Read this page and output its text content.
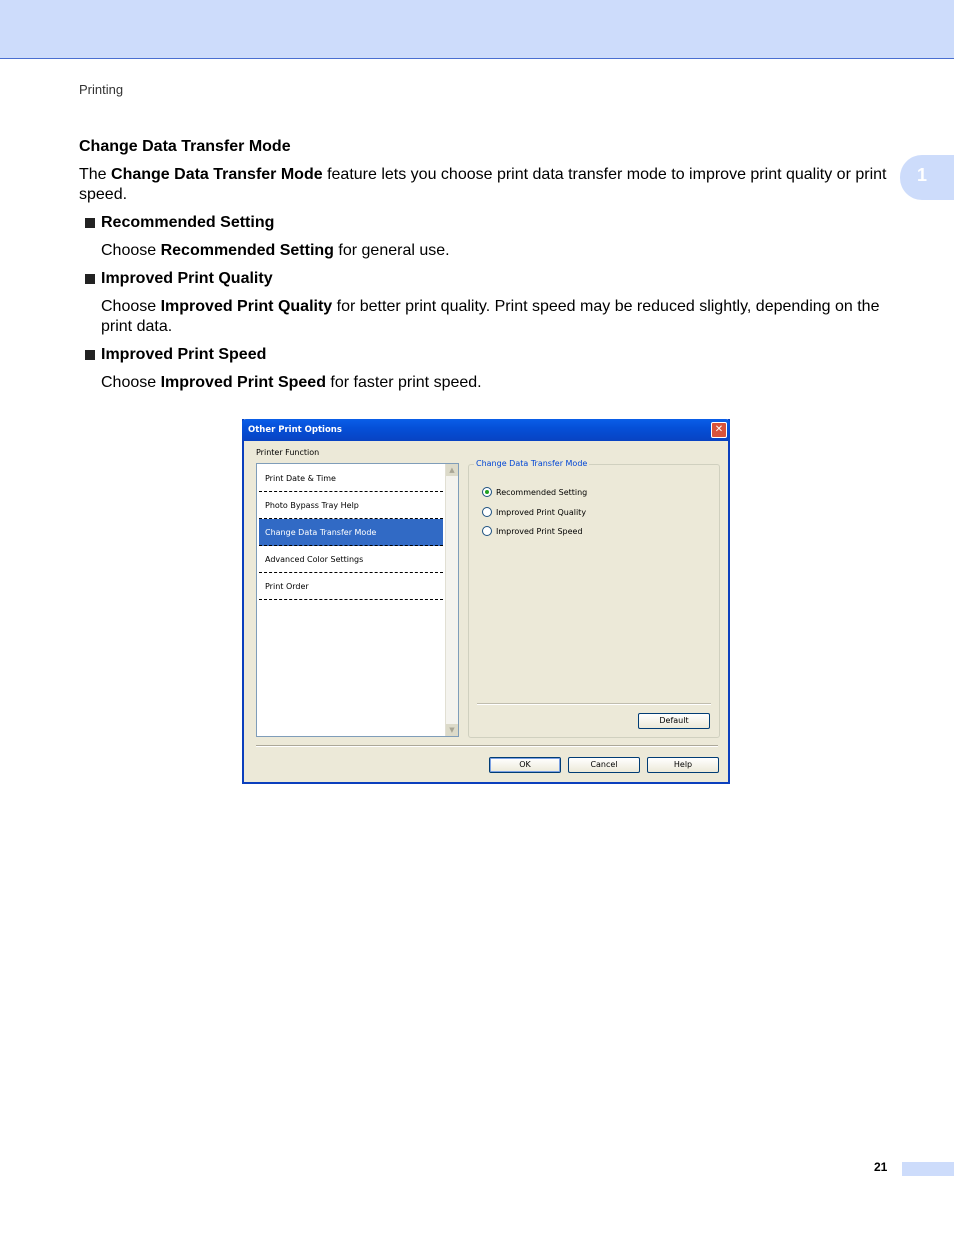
Printing
1
Change Data Transfer Mode

The Change Data Transfer Mode feature lets you choose print data transfer mode to improve print quality or print speed.

Recommended Setting

Choose Recommended Setting for general use.

Improved Print Quality

Choose Improved Print Quality for better print quality. Print speed may be reduced slightly, depending on the print data.

Improved Print Speed

Choose Improved Print Speed for faster print speed.

Other Print Options	✕
Printer Function
Print Date & Time
Photo Bypass Tray Help
Change Data Transfer Mode
Advanced Color Settings
Print Order
▲
▼
Change Data Transfer Mode
Recommended Setting
Improved Print Quality
Improved Print Speed
Default
OK	Cancel	Help
21
